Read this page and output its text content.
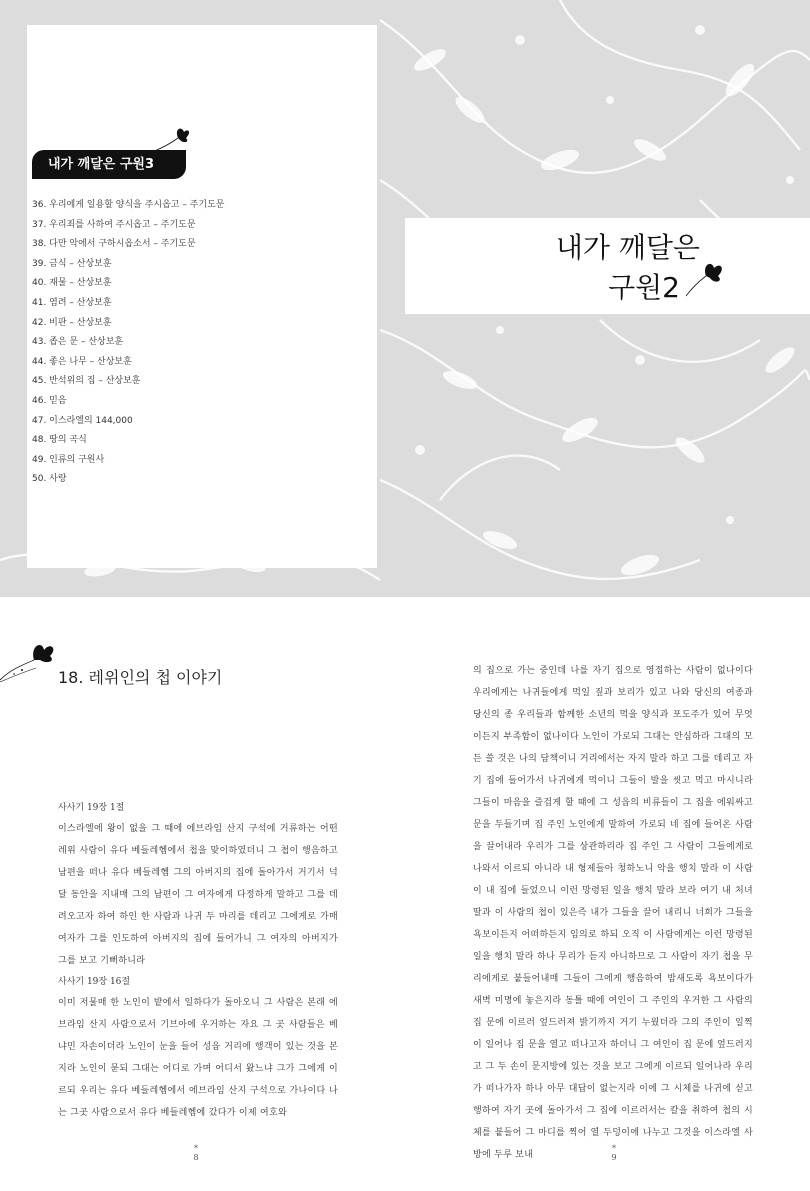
내가 깨달은 구원3
36. 우리에게 일용할 양식을 주시옵고 – 주기도문
37. 우리죄를 사하여 주시옵고 – 주기도문
38. 다만 악에서 구하시옵소서 – 주기도문
39. 금식 – 산상보훈
40. 재물 – 산상보훈
41. 염려 – 산상보훈
42. 비판 – 산상보훈
43. 좁은 문 – 산상보훈
44. 좋은 나무 – 산상보훈
45. 반석위의 집 – 산상보훈
46. 믿음
47. 이스라엘의 144,000
48. 땅의 곡식
49. 인류의 구원사
50. 사랑
내가 깨달은
구원2
18. 레위인의 첩 이야기
사사기 19장 1절
이스라엘에 왕이 없을 그 때에 에브라임 산지 구석에 거류하는 어떤 레위 사람이 유다 베들레헴에서 첩을 맞이하였더니 그 첩이 행음하고 남편을 떠나 유다 베들레헴 그의 아버지의 집에 돌아가서 거기서 넉 달 동안을 지내매 그의 남편이 그 여자에게 다정하게 말하고 그를 데려오고자 하여 하인 한 사람과 나귀 두 마리를 데리고 그에게로 가매 여자가 그를 인도하여 아버지의 집에 들어가니 그 여자의 아버지가 그를 보고 기뻐하니라
사사기 19장 16절
이미 저물매 한 노인이 밭에서 일하다가 돌아오니 그 사람은 본래 에브라임 산지 사람으로서 기브아에 우거하는 자요 그 곳 사람들은 베냐민 자손이더라 노인이 눈을 들어 성읍 거리에 행객이 있는 것을 본지라 노인이 묻되 그대는 어디로 가며 어디서 왔느냐 그가 그에게 이르되 우리는 유다 베들레헴에서 에브라임 산지 구석으로 가나이다 나는 그곳 사람으로서 유다 베들레헴에 갔다가 이제 여호와
*
8
의 집으로 가는 중인데 나를 자기 집으로 영접하는 사람이 없나이다 우리에게는 나귀들에게 먹일 짚과 보리가 있고 나와 당신의 여종과 당신의 종 우리들과 함께한 소년의 먹을 양식과 포도주가 있어 무엇이든지 부족함이 없나이다 노인이 가로되 그대는 안심하라 그대의 모든 쓸 것은 나의 담책이니 거리에서는 자지 말라 하고 그를 데리고 자기 집에 들어가서 나귀에게 먹이니 그들이 발을 씻고 먹고 마시니라 그들이 마음을 즐겁게 할 때에 그 성읍의 비류들이 그 집을 에워싸고 문을 두들기며 집 주인 노인에게 말하여 가로되 네 집에 들어온 사람을 끌어내라 우리가 그를 상관하리라 집 주인 그 사람이 그들에게로 나와서 이르되 아니라 내 형제들아 청하노니 악을 행치 말라 이 사람이 내 집에 들었으니 이런 망령된 일을 행치 말라 보라 여기 내 처녀 딸과 이 사람의 첩이 있은즉 내가 그들을 끌어 내리니 너희가 그들을 욕보이든지 어떠하든지 임의로 하되 오직 이 사람에게는 이런 망령된 일을 행치 말라 하나 무리가 듣지 아니하므로 그 사람이 자기 첩을 무리에게로 붙들어내매 그들이 그에게 행음하여 밤새도록 욕보이다가 새벽 미명에 놓은지라 동틀 때에 여인이 그 주인의 우거한 그 사람의 집 문에 이르러 엎드러져 밝기까지 거기 누웠더라 그의 주인이 일찍이 일어나 집 문을 열고 떠나고자 하더니 그 여인이 집 문에 엎드러지고 그 두 손이 문지방에 있는 것을 보고 그에게 이르되 일어나라 우리가 떠나가자 하나 아무 대답이 없는지라 이에 그 시체를 나귀에 싣고 행하여 자기 곳에 돌아가서 그 집에 이르러서는 칼을 취하여 첩의 시체를 붙들어 그 마디를 찍어 열 두덩이에 나누고 그것을 이스라엘 사방에 두루 보내
*
9
